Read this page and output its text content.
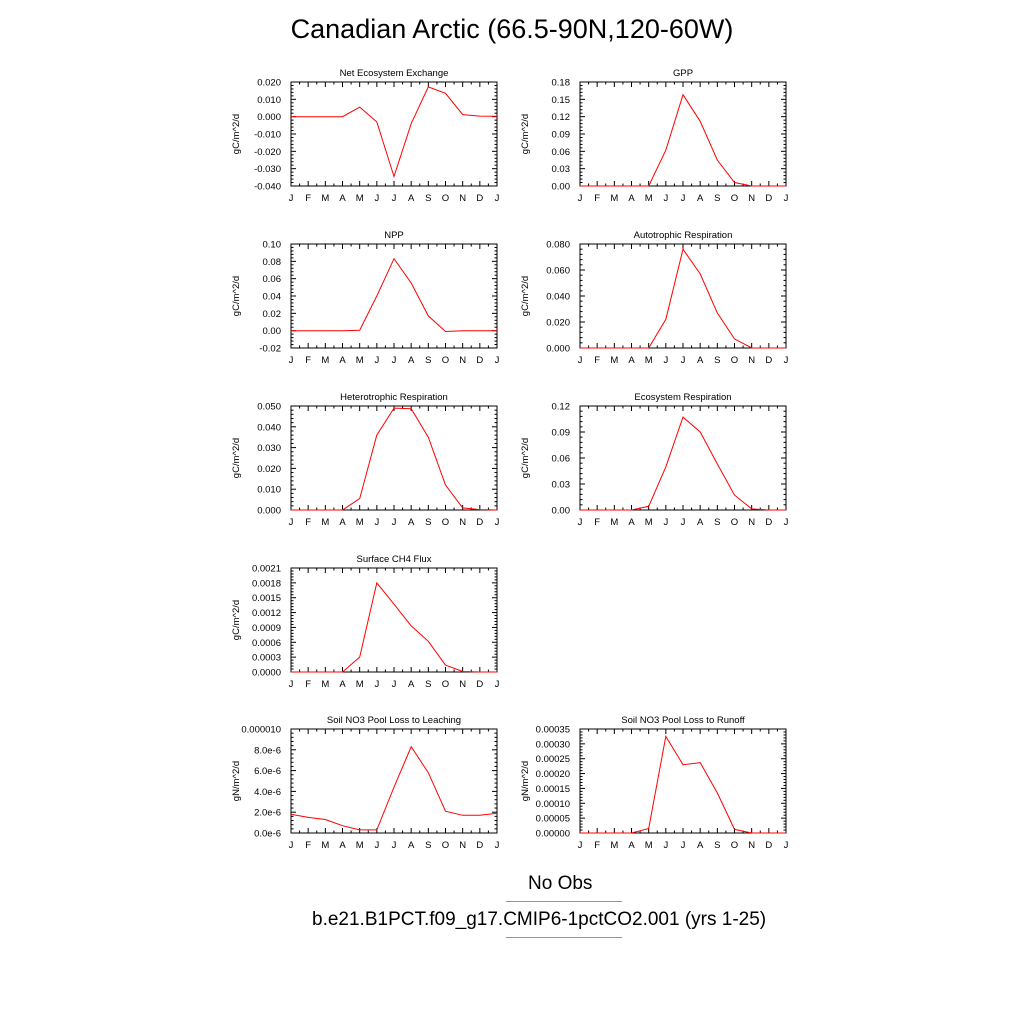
Canadian Arctic (66.5-90N,120-60W)
J F M A M J J A S O N D J
-0.040
-0.030
-0.020
-0.010
0.000
0.010
0.020
Net Ecosystem Exchange
gC/m^2/d
J F M A M J J A S O N D J
0.00
0.03
0.06
0.09
0.12
0.15
0.18
GPP
gC/m^2/d
J F M A M J J A S O N D J
-0.02
0.00
0.02
0.04
0.06
0.08
0.10
NPP
gC/m^2/d
J F M A M J J A S O N D J
0.000
0.020
0.040
0.060
0.080
Autotrophic Respiration
gC/m^2/d
J F M A M J J A S O N D J
0.000
0.010
0.020
0.030
0.040
0.050
Heterotrophic Respiration
gC/m^2/d
J F M A M J J A S O N D J
0.00
0.03
0.06
0.09
0.12
Ecosystem Respiration
gC/m^2/d
J F M A M J J A S O N D J
0.0000
0.0003
0.0006
0.0009
0.0012
0.0015
0.0018
0.0021
Surface CH4 Flux
gC/m^2/d
J F M A M J J A S O N D J
0.0e-6
2.0e-6
4.0e-6
6.0e-6
8.0e-6
0.000010
Soil NO3 Pool Loss to Leaching
gN/m^2/d
J F M A M J J A S O N D J
0.00000
0.00005
0.00010
0.00015
0.00020
0.00025
0.00030
0.00035
Soil NO3 Pool Loss to Runoff
gN/m^2/d
No Obs
b.e21.B1PCT.f09_g17.CMIP6-1pctCO2.001 (yrs 1-25)
